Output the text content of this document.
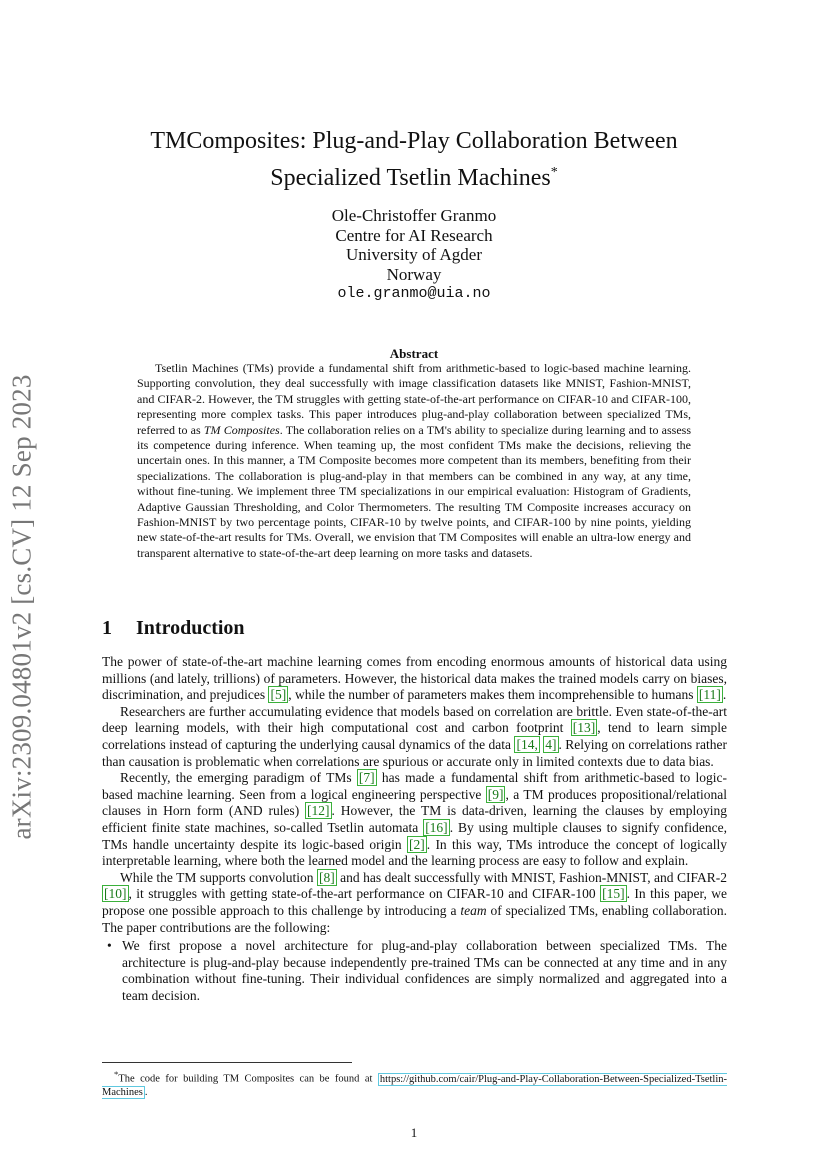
arXiv:2309.04801v2 [cs.CV] 12 Sep 2023
TMComposites: Plug-and-Play Collaboration Between
Specialized Tsetlin Machines*
Ole-Christoffer Granmo
Centre for AI Research
University of Agder
Norway
ole.granmo@uia.no
Abstract

Tsetlin Machines (TMs) provide a fundamental shift from arithmetic-based to logic-based machine learning. Supporting convolution, they deal successfully with image classification datasets like MNIST, Fashion-MNIST, and CIFAR-2. However, the TM struggles with getting state-of-the-art performance on CIFAR-10 and CIFAR-100, representing more complex tasks. This paper introduces plug-and-play collaboration between specialized TMs, referred to as TM Composites. The collaboration relies on a TM's ability to specialize during learning and to assess its competence during inference. When teaming up, the most confident TMs make the decisions, relieving the uncertain ones. In this manner, a TM Composite becomes more competent than its members, benefiting from their specializations. The collaboration is plug-and-play in that members can be combined in any way, at any time, without fine-tuning. We implement three TM specializations in our empirical evaluation: Histogram of Gradients, Adaptive Gaussian Thresholding, and Color Thermometers. The resulting TM Composite increases accuracy on Fashion-MNIST by two percentage points, CIFAR-10 by twelve points, and CIFAR-100 by nine points, yielding new state-of-the-art results for TMs. Overall, we envision that TM Composites will enable an ultra-low energy and transparent alternative to state-of-the-art deep learning on more tasks and datasets.

1 Introduction

The power of state-of-the-art machine learning comes from encoding enormous amounts of historical data using millions (and lately, trillions) of parameters. However, the historical data makes the trained models carry on biases, discrimination, and prejudices [5] , while the number of parameters makes them incomprehensible to humans [11] .

Researchers are further accumulating evidence that models based on correlation are brittle. Even state-of-the-art deep learning models, with their high computational cost and carbon footprint [13] , tend to learn simple correlations instead of capturing the underlying causal dynamics of the data [14, 4] . Relying on correlations rather than causation is problematic when correlations are spurious or accurate only in limited contexts due to data bias.

Recently, the emerging paradigm of TMs [7] has made a fundamental shift from arithmetic-based to logic-based machine learning. Seen from a logical engineering perspective [9] , a TM produces propositional/relational clauses in Horn form (AND rules) [12] . However, the TM is data-driven, learning the clauses by employing efficient finite state machines, so-called Tsetlin automata [16] . By using multiple clauses to signify confidence, TMs handle uncertainty despite its logic-based origin [2] . In this way, TMs introduce the concept of logically interpretable learning, where both the learned model and the learning process are easy to follow and explain.

While the TM supports convolution [8] and has dealt successfully with MNIST, Fashion-MNIST, and CIFAR-2 [10] , it struggles with getting state-of-the-art performance on CIFAR-10 and CIFAR-100 [15] . In this paper, we propose one possible approach to this challenge by introducing a team of specialized TMs, enabling collaboration. The paper contributions are the following:

• We first propose a novel architecture for plug-and-play collaboration between specialized TMs. The architecture is plug-and-play because independently pre-trained TMs can be connected at any time and in any combination without fine-tuning. Their individual confidences are simply normalized and aggregated into a team decision.
*The code for building TM Composites can be found at https://github.com/cair/Plug-and-Play-Collaboration-Between-Specialized-Tsetlin-Machines .
1
